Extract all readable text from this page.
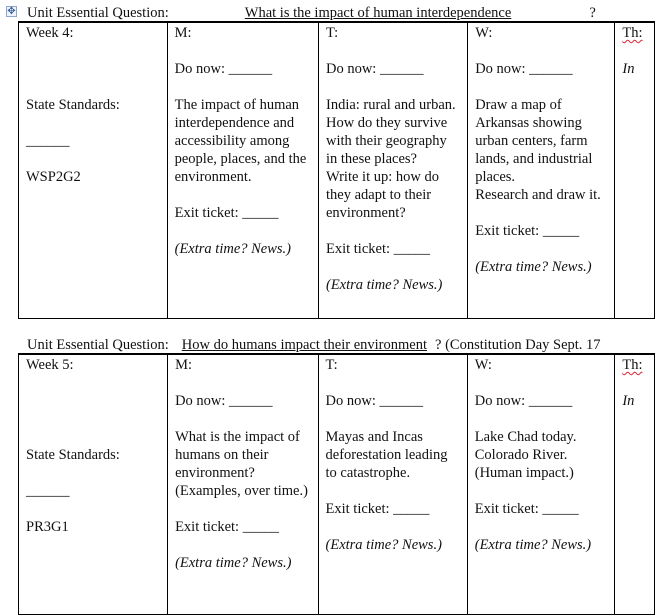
✥ Unit Essential Question:	What is the impact of human interdependence	?
Week 4:
State Standards:
______
WSP2G2

M:
Do now: ______
The impact of human interdependence and accessibility among people, places, and the environment.
Exit ticket: _____
(Extra time? News.)

T:
Do now: ______
India: rural and urban. How do they survive with their geography in these places?
Write it up: how do they adapt to their environment?
Exit ticket: _____
(Extra time? News.)

W:
Do now: ______
Draw a map of Arkansas showing urban centers, farm lands, and industrial places.
Research and draw it.
Exit ticket: _____
(Extra time? News.)

Th:
In
Unit Essential Question: How do humans impact their environment ? (Constitution Day Sept. 17
Week 5:
State Standards:
______
PR3G1

M:
Do now: ______
What is the impact of humans on their environment? (Examples, over time.)
Exit ticket: _____
(Extra time? News.)

T:
Do now: ______
Mayas and Incas deforestation leading to catastrophe.
Exit ticket: _____
(Extra time? News.)

W:
Do now: ______
Lake Chad today. Colorado River. (Human impact.)
Exit ticket: _____
(Extra time? News.)

Th:
In
